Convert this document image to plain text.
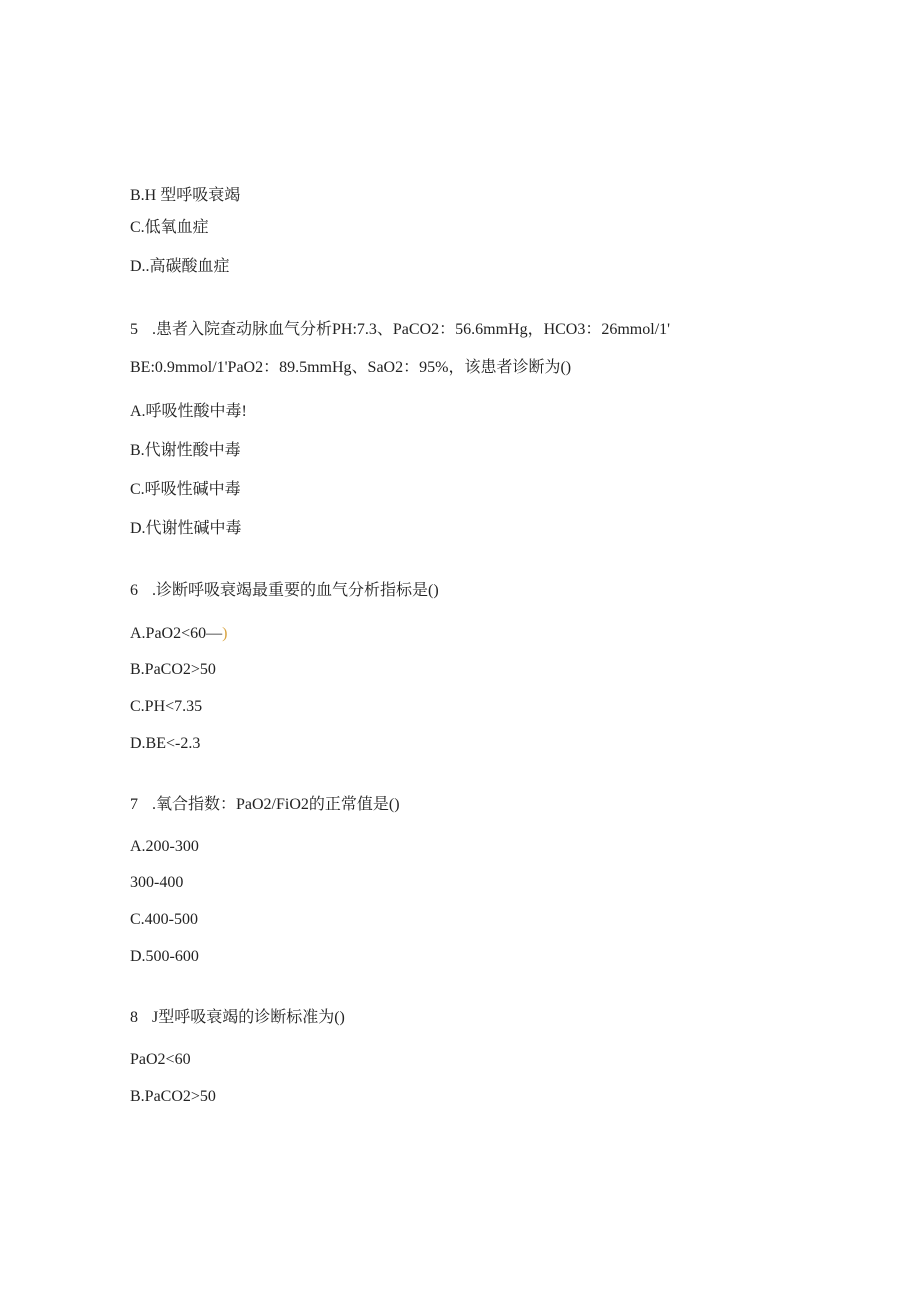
B.H 型呼吸衰竭
C.低氧血症
D..高碳酸血症
5 .患者入院查动脉血气分析PH:7.3、PaCO2：56.6mmHg，HCO3：26mmol/1'
BE:0.9mmol/1'PaO2：89.5mmHg、SaO2：95%，该患者诊断为()
A.呼吸性酸中毒!
B.代谢性酸中毒
C.呼吸性碱中毒
D.代谢性碱中毒
6 .诊断呼吸衰竭最重要的血气分析指标是()
A.PaO2<60—)
B.PaCO2>50
C.PH<7.35
D.BE<-2.3
7 .氧合指数：PaO2/FiO2的正常值是()
A.200-300
300-400
C.400-500
D.500-600
8 J型呼吸衰竭的诊断标准为()
PaO2<60
B.PaCO2>50
